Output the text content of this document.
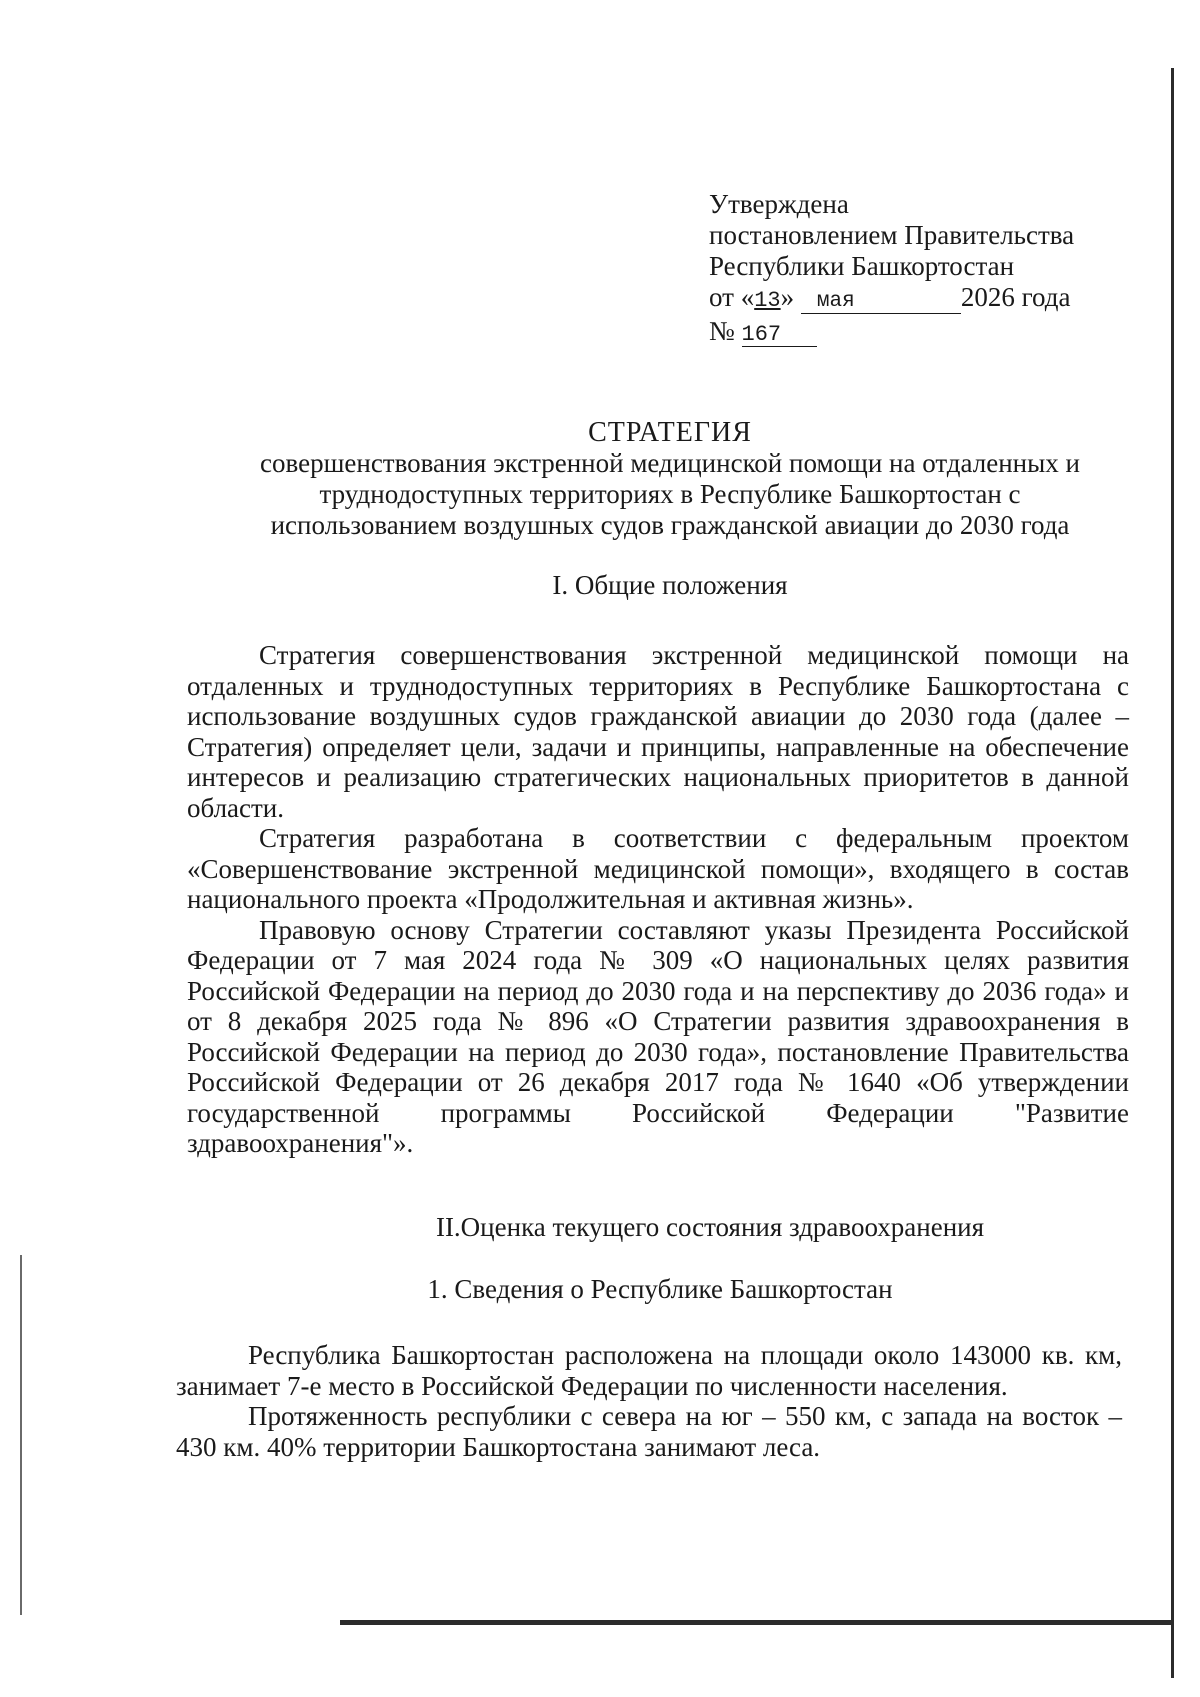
Утверждена
постановлением Правительства
Республики Башкортостан
от «13» мая	2026 года
№ 167
СТРАТЕГИЯ
совершенствования экстренной медицинской помощи на отдаленных и
труднодоступных территориях в Республике Башкортостан с
использованием воздушных судов гражданской авиации до 2030 года
I. Общие положения

Стратегия совершенствования экстренной медицинской помощи на отдаленных и труднодоступных территориях в Республике Башкортостана с использование воздушных судов гражданской авиации до 2030 года (далее – Стратегия) определяет цели, задачи и принципы, направленные на обеспечение интересов и реализацию стратегических национальных приоритетов в данной области.

Стратегия разработана в соответствии с федеральным проектом «Совершенствование экстренной медицинской помощи», входящего в состав национального проекта «Продолжительная и активная жизнь».

Правовую основу Стратегии составляют указы Президента Российской Федерации от 7 мая 2024 года № 309 «О национальных целях развития Российской Федерации на период до 2030 года и на перспективу до 2036 года» и от 8 декабря 2025 года № 896 «О Стратегии развития здравоохранения в Российской Федерации на период до 2030 года», постановление Правительства Российской Федерации от 26 декабря 2017 года № 1640 «Об утверждении государственной программы Российской Федерации "Развитие здравоохранения"».

II.Оценка текущего состояния здравоохранения
1. Сведения о Республике Башкортостан

Республика Башкортостан расположена на площади около 143000 кв. км, занимает 7-е место в Российской Федерации по численности населения.

Протяженность республики с севера на юг – 550 км, с запада на восток – 430 км. 40% территории Башкортостана занимают леса.
